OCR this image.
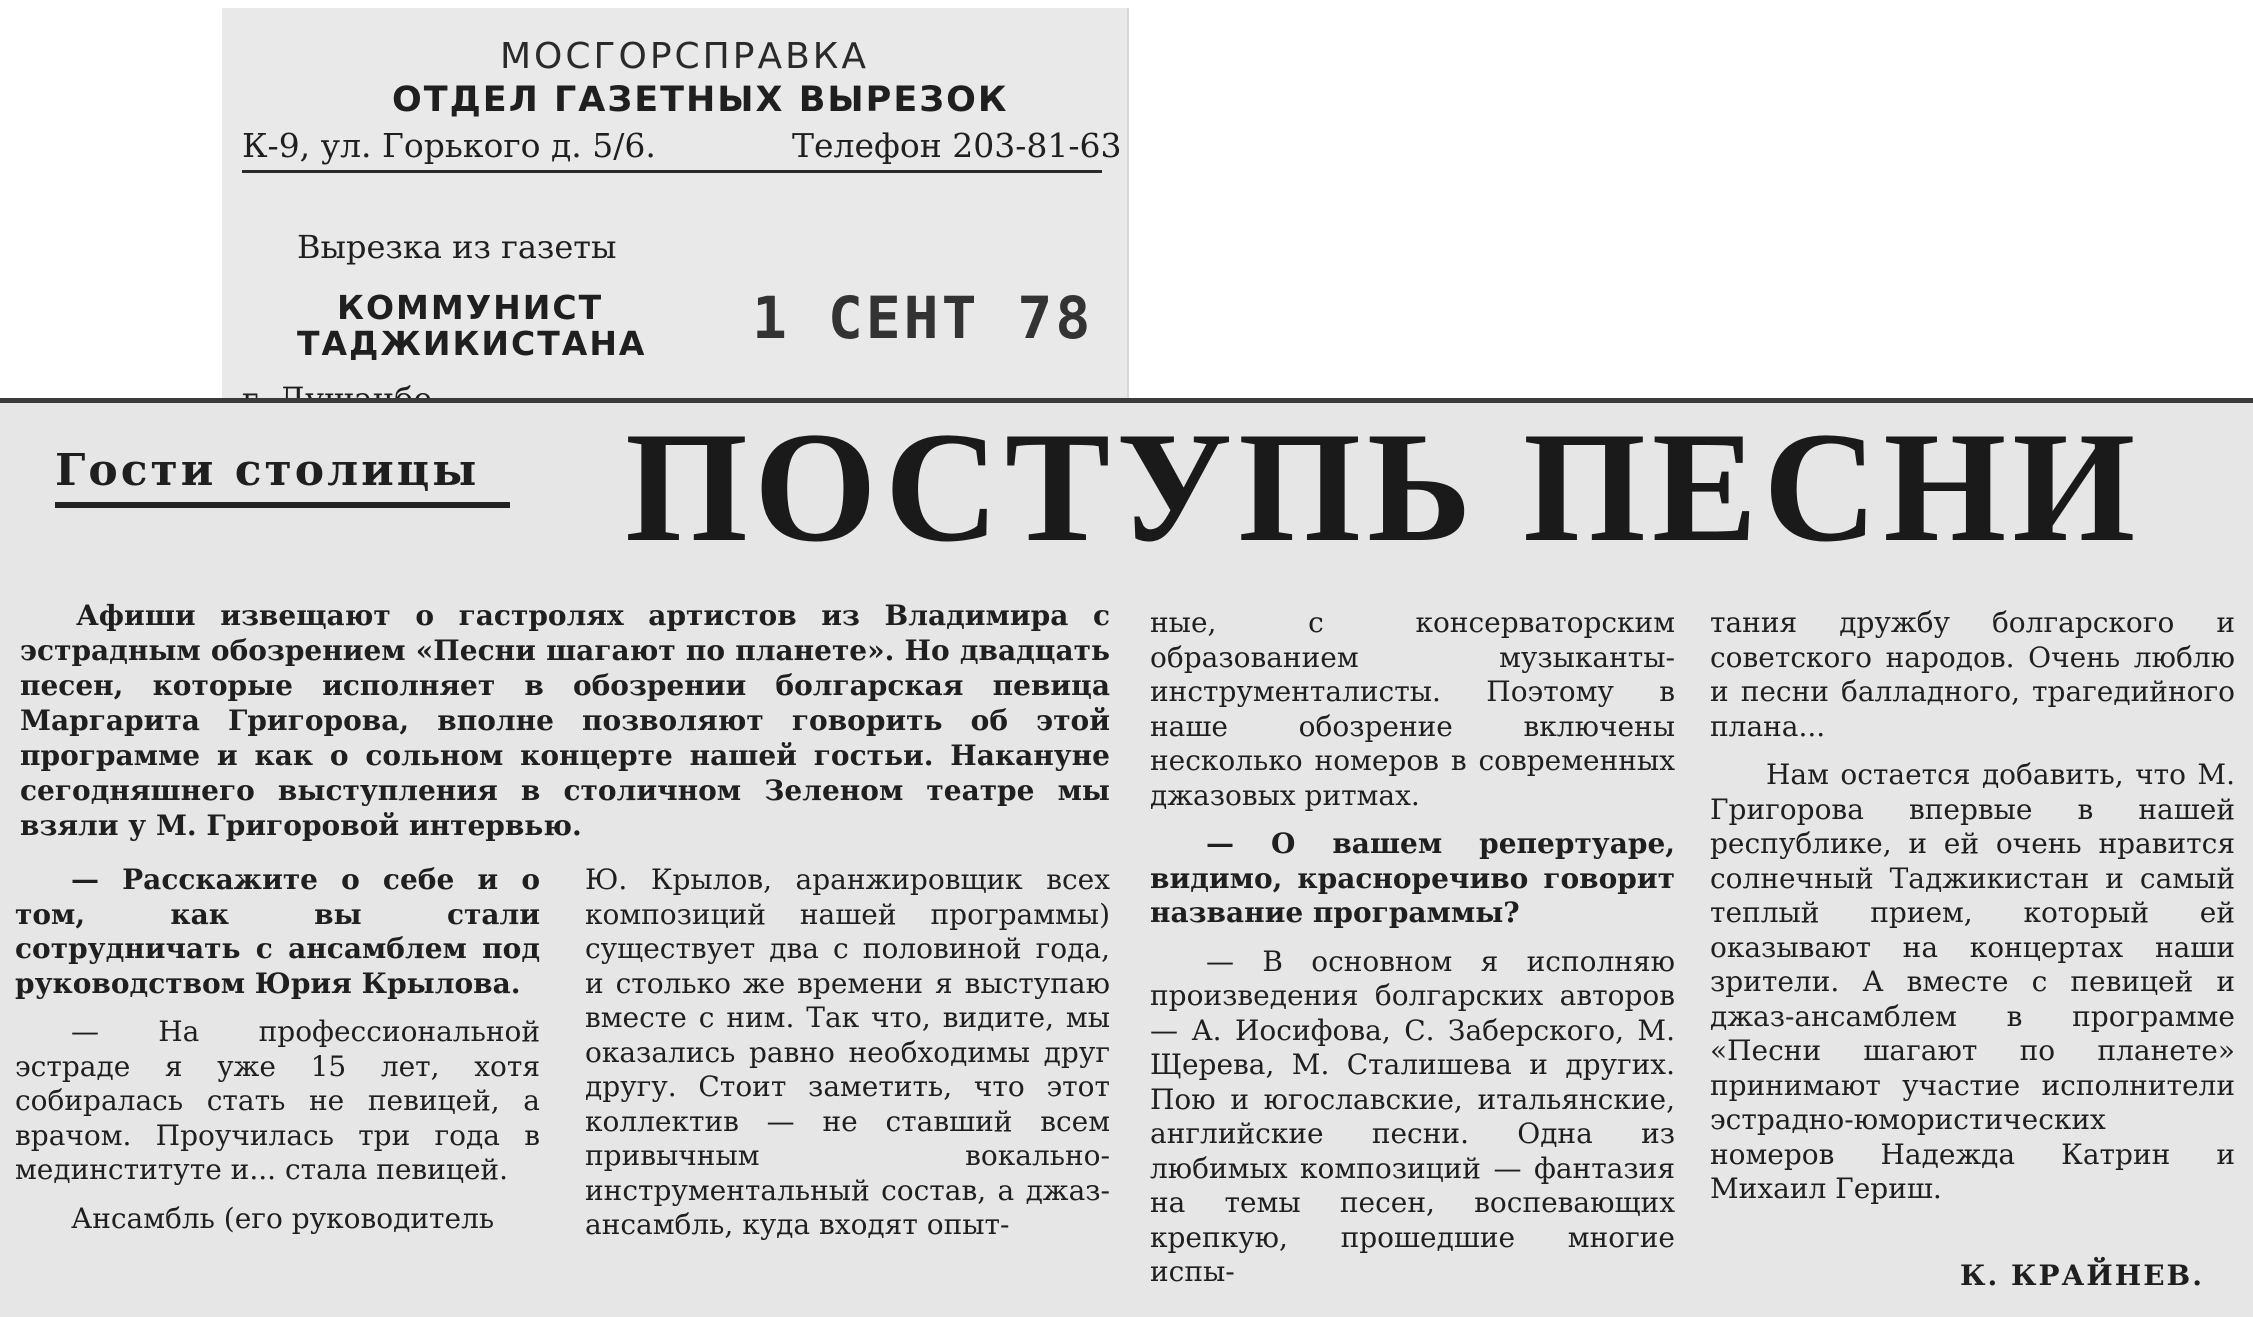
МОСГОРСПРАВКА
ОТДЕЛ ГАЗЕТНЫХ ВЫРЕЗОК
К-9, ул. Горького д. 5/6.	Телефон 203-81-63
Вырезка из газеты
КОММУНИСТ
ТАДЖИКИСТАНА 1 СЕНТ 78
Гости столицы ПОСТУПЬ ПЕСНИ

Афиши извещают о гастролях артистов из Владимира с эстрадным обозрением «Песни шагают по планете». Но двадцать песен, которые исполняет в обозрении болгарская певица Маргарита Григорова, вполне позволяют говорить об этой программе и как о сольном концерте нашей гостьи. Накануне сегодняшнего выступления в столичном Зеленом театре мы взяли у М. Григоровой интервью.

— Расскажите о себе и о том, как вы стали сотрудничать с ансамблем под руководством Юрия Крылова.

— На профессиональной эстраде я уже 15 лет, хотя собиралась стать не певицей, а врачом. Проучилась три года в мединституте и... стала певицей.

Ансамбль (его руководитель

Ю. Крылов, аранжировщик всех композиций нашей программы) существует два с половиной года, и столько же времени я выступаю вместе с ним. Так что, видите, мы оказались равно необходимы друг другу. Стоит заметить, что этот коллектив — не ставший всем привычным вокально-инструментальный состав, а джаз-ансамбль, куда входят опыт-

ные, с консерваторским образованием музыканты-инструменталисты. Поэтому в наше обозрение включены несколько номеров в современных джазовых ритмах.

— О вашем репертуаре, видимо, красноречиво говорит название программы?

— В основном я исполняю произведения болгарских авторов — А. Иосифова, С. Заберского, М. Щерева, М. Сталишева и других. Пою и югославские, итальянские, английские песни. Одна из любимых композиций — фантазия на темы песен, воспевающих крепкую, прошедшие многие испы-

тания дружбу болгарского и советского народов. Очень люблю и песни балладного, трагедийного плана...

Нам остается добавить, что М. Григорова впервые в нашей республике, и ей очень нравится солнечный Таджикистан и самый теплый прием, который ей оказывают на концертах наши зрители. А вместе с певицей и джаз-ансамблем в программе «Песни шагают по планете» принимают участие исполнители эстрадно-юмористических номеров Надежда Катрин и Михаил Гериш.

К. КРАЙНЕВ.
